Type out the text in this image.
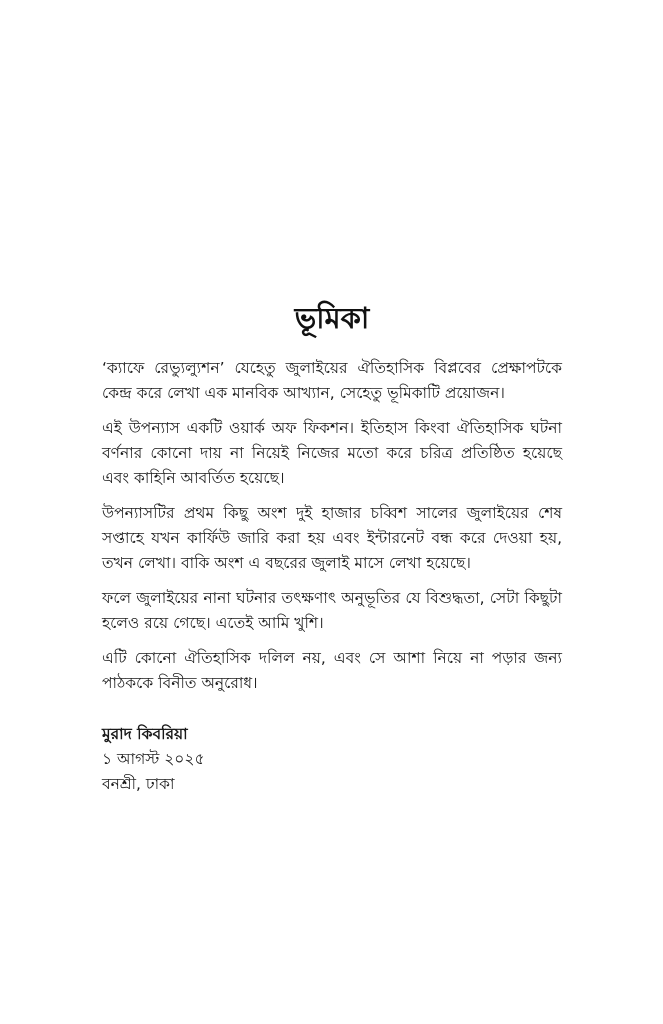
ভূমিকা

‘ক্যাফে রেভ্যুল্যুশন’ যেহেতু জুলাইয়ের ঐতিহাসিক বিপ্লবের প্রেক্ষাপটকে কেন্দ্র করে লেখা এক মানবিক আখ্যান, সেহেতু ভূমিকাটি প্রয়োজন।

এই উপন্যাস একটি ওয়ার্ক অফ ফিকশন। ইতিহাস কিংবা ঐতিহাসিক ঘটনা বর্ণনার কোনো দায় না নিয়েই নিজের মতো করে চরিত্র প্রতিষ্ঠিত হয়েছে এবং কাহিনি আবর্তিত হয়েছে।

উপন্যাসটির প্রথম কিছু অংশ দুই হাজার চব্বিশ সালের জুলাইয়ের শেষ সপ্তাহে যখন কার্ফিউ জারি করা হয় এবং ইন্টারনেট বন্ধ করে দেওয়া হয়, তখন লেখা। বাকি অংশ এ বছরের জুলাই মাসে লেখা হয়েছে।

ফলে জুলাইয়ের নানা ঘটনার তৎক্ষণাৎ অনুভূতির যে বিশুদ্ধতা, সেটা কিছুটা হলেও রয়ে গেছে। এতেই আমি খুশি।

এটি কোনো ঐতিহাসিক দলিল নয়, এবং সে আশা নিয়ে না পড়ার জন্য পাঠককে বিনীত অনুরোধ।

মুরাদ কিবরিয়া
১ আগস্ট ২০২৫
বনশ্রী, ঢাকা
